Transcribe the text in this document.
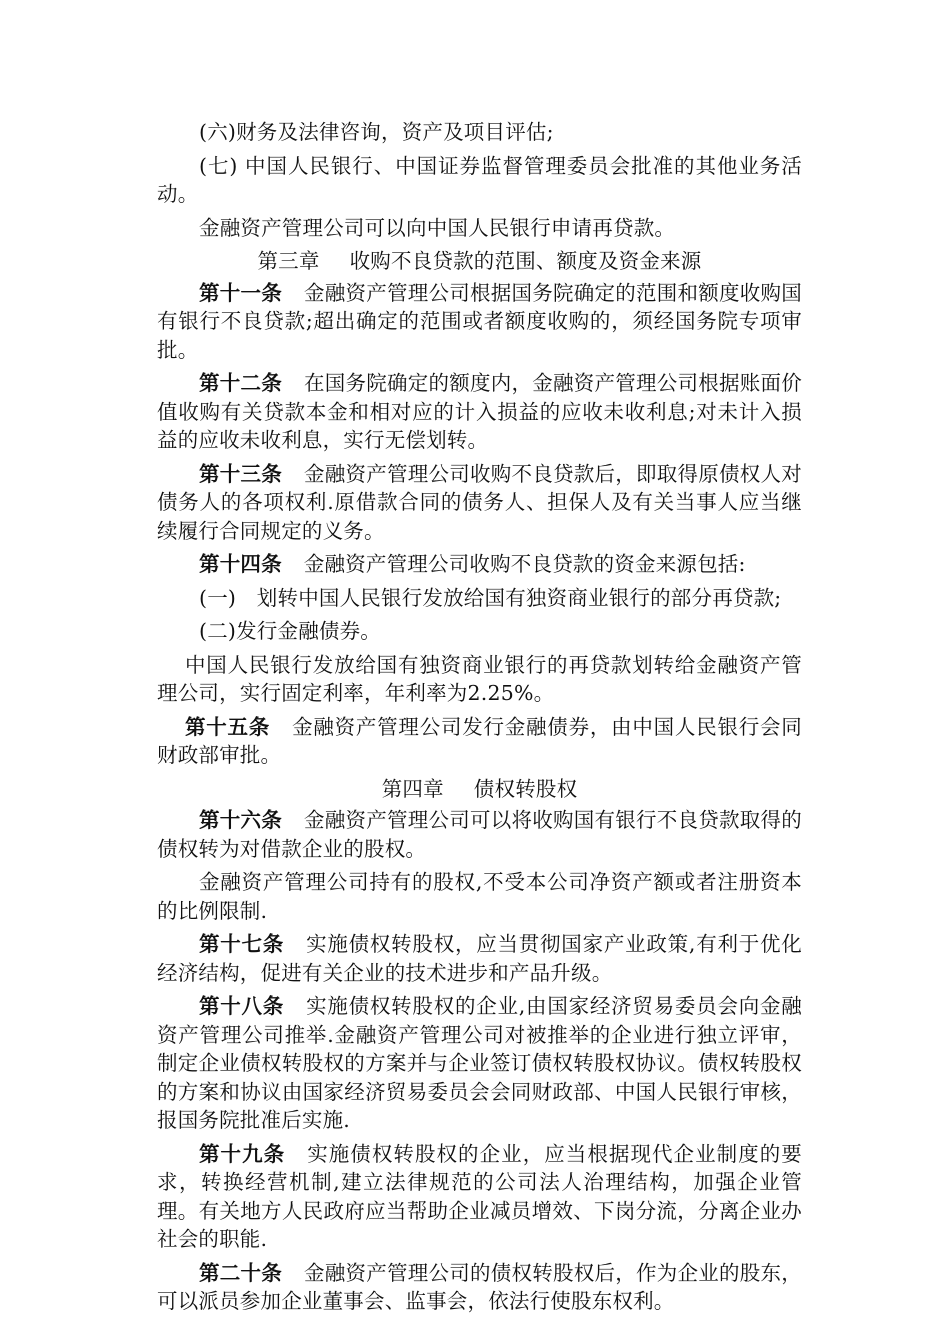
(六)财务及法律咨询，资产及项目评估;

(七) 中国人民银行、中国证券监督管理委员会批准的其他业务活动。

金融资产管理公司可以向中国人民银行申请再贷款。

第三章 收购不良贷款的范围、额度及资金来源

第十一条 金融资产管理公司根据国务院确定的范围和额度收购国有银行不良贷款;超出确定的范围或者额度收购的，须经国务院专项审批。

第十二条 在国务院确定的额度内，金融资产管理公司根据账面价值收购有关贷款本金和相对应的计入损益的应收未收利息;对未计入损益的应收未收利息，实行无偿划转。

第十三条 金融资产管理公司收购不良贷款后，即取得原债权人对债务人的各项权利.原借款合同的债务人、担保人及有关当事人应当继续履行合同规定的义务。

第十四条 金融资产管理公司收购不良贷款的资金来源包括:

(一)　划转中国人民银行发放给国有独资商业银行的部分再贷款;

(二)发行金融债券。

中国人民银行发放给国有独资商业银行的再贷款划转给金融资产管理公司，实行固定利率，年利率为2.25%。

第十五条 金融资产管理公司发行金融债券，由中国人民银行会同财政部审批。

第四章 债权转股权

第十六条 金融资产管理公司可以将收购国有银行不良贷款取得的债权转为对借款企业的股权。

金融资产管理公司持有的股权,不受本公司净资产额或者注册资本的比例限制.

第十七条 实施债权转股权，应当贯彻国家产业政策,有利于优化经济结构，促进有关企业的技术进步和产品升级。

第十八条 实施债权转股权的企业,由国家经济贸易委员会向金融资产管理公司推举.金融资产管理公司对被推举的企业进行独立评审，制定企业债权转股权的方案并与企业签订债权转股权协议。债权转股权的方案和协议由国家经济贸易委员会会同财政部、中国人民银行审核，报国务院批准后实施.

第十九条 实施债权转股权的企业，应当根据现代企业制度的要求，转换经营机制,建立法律规范的公司法人治理结构，加强企业管理。有关地方人民政府应当帮助企业减员增效、下岗分流，分离企业办社会的职能.

第二十条 金融资产管理公司的债权转股权后，作为企业的股东，可以派员参加企业董事会、监事会，依法行使股东权利。
